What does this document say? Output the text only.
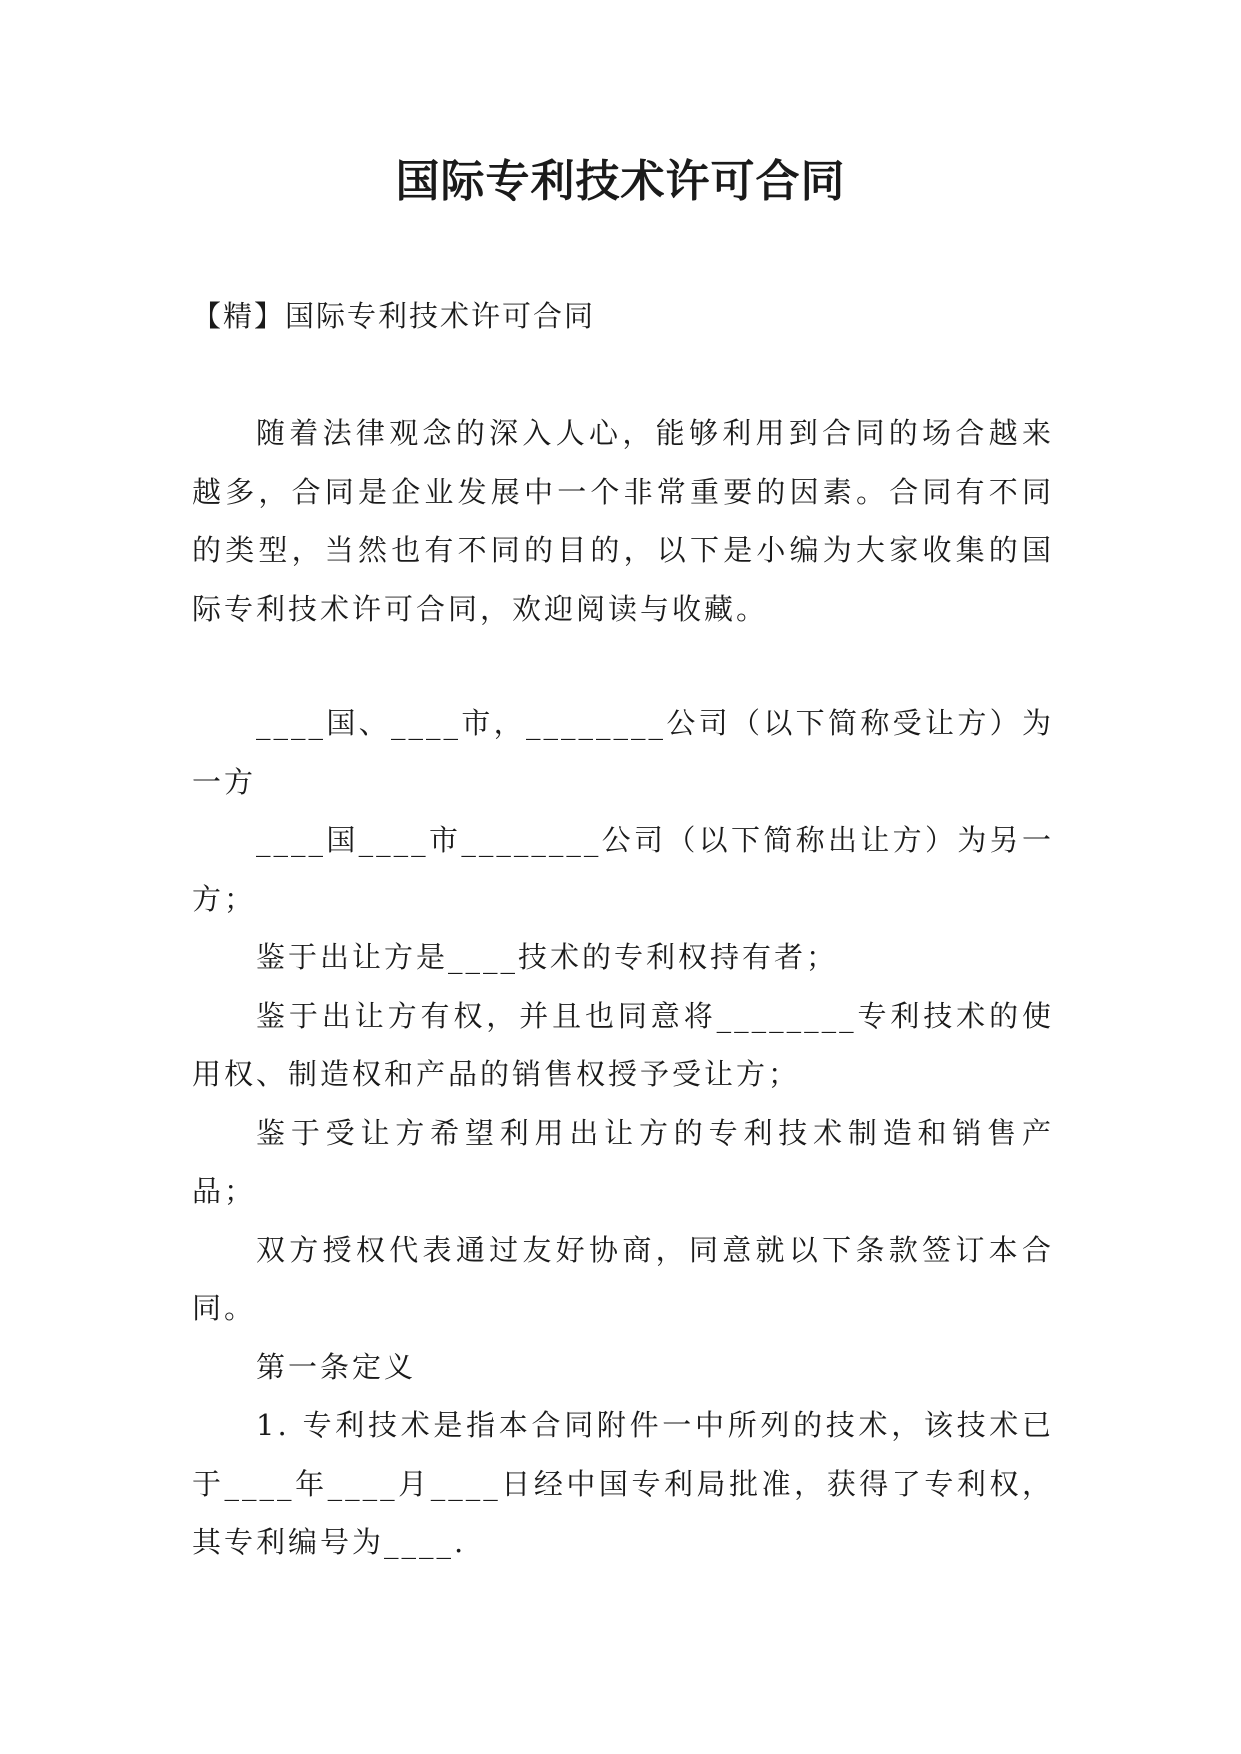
国际专利技术许可合同

【精】国际专利技术许可合同

随着法律观念的深入人心，能够利用到合同的场合越来越多，合同是企业发展中一个非常重要的因素。合同有不同的类型，当然也有不同的目的，以下是小编为大家收集的国际专利技术许可合同，欢迎阅读与收藏。

____国、____市，________公司（以下简称受让方）为一方

____国____市________公司（以下简称出让方）为另一方；

鉴于出让方是____技术的专利权持有者；

鉴于出让方有权，并且也同意将________专利技术的使用权、制造权和产品的销售权授予受让方；

鉴于受让方希望利用出让方的专利技术制造和销售产品；

双方授权代表通过友好协商，同意就以下条款签订本合同。

第一条定义

1. 专利技术是指本合同附件一中所列的技术，该技术已于____年____月____日经中国专利局批准，获得了专利权，其专利编号为____.
